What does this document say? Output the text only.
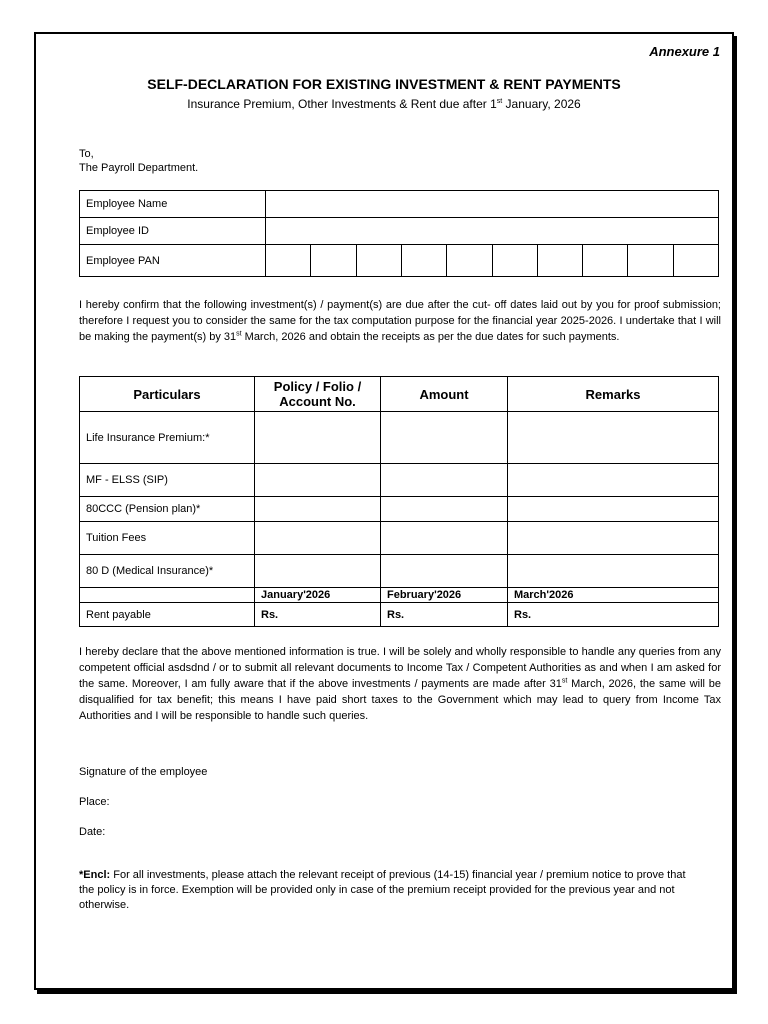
Annexure 1
SELF-DECLARATION FOR EXISTING INVESTMENT & RENT PAYMENTS
Insurance Premium, Other Investments & Rent due after 1st January, 2026
To,
The Payroll Department.
Employee Name										
Employee ID										
Employee PAN										
I hereby confirm that the following investment(s) / payment(s) are due after the cut- off dates laid out by you for proof submission; therefore I request you to consider the same for the tax computation purpose for the financial year 2025-2026. I undertake that I will be making the payment(s) by 31st March, 2026 and obtain the receipts as per the due dates for such payments.
Particulars	Policy / Folio / Account No.	Amount	Remarks
Life Insurance Premium:*			
MF - ELSS (SIP)			
80CCC (Pension plan)*			
Tuition Fees			
80 D (Medical Insurance)*			
	January'2026	February'2026	March'2026
Rent payable	Rs.	Rs.	Rs.
I hereby declare that the above mentioned information is true. I will be solely and wholly responsible to handle any queries from any competent official asdsdnd / or to submit all relevant documents to Income Tax / Competent Authorities as and when I am asked for the same. Moreover, I am fully aware that if the above investments / payments are made after 31st March, 2026, the same will be disqualified for tax benefit; this means I have paid short taxes to the Government which may lead to query from Income Tax Authorities and I will be responsible to handle such queries.
Signature of the employee
Place:
Date:
*Encl: For all investments, please attach the relevant receipt of previous (14-15) financial year / premium notice to prove that the policy is in force. Exemption will be provided only in case of the premium receipt provided for the previous year and not otherwise.
